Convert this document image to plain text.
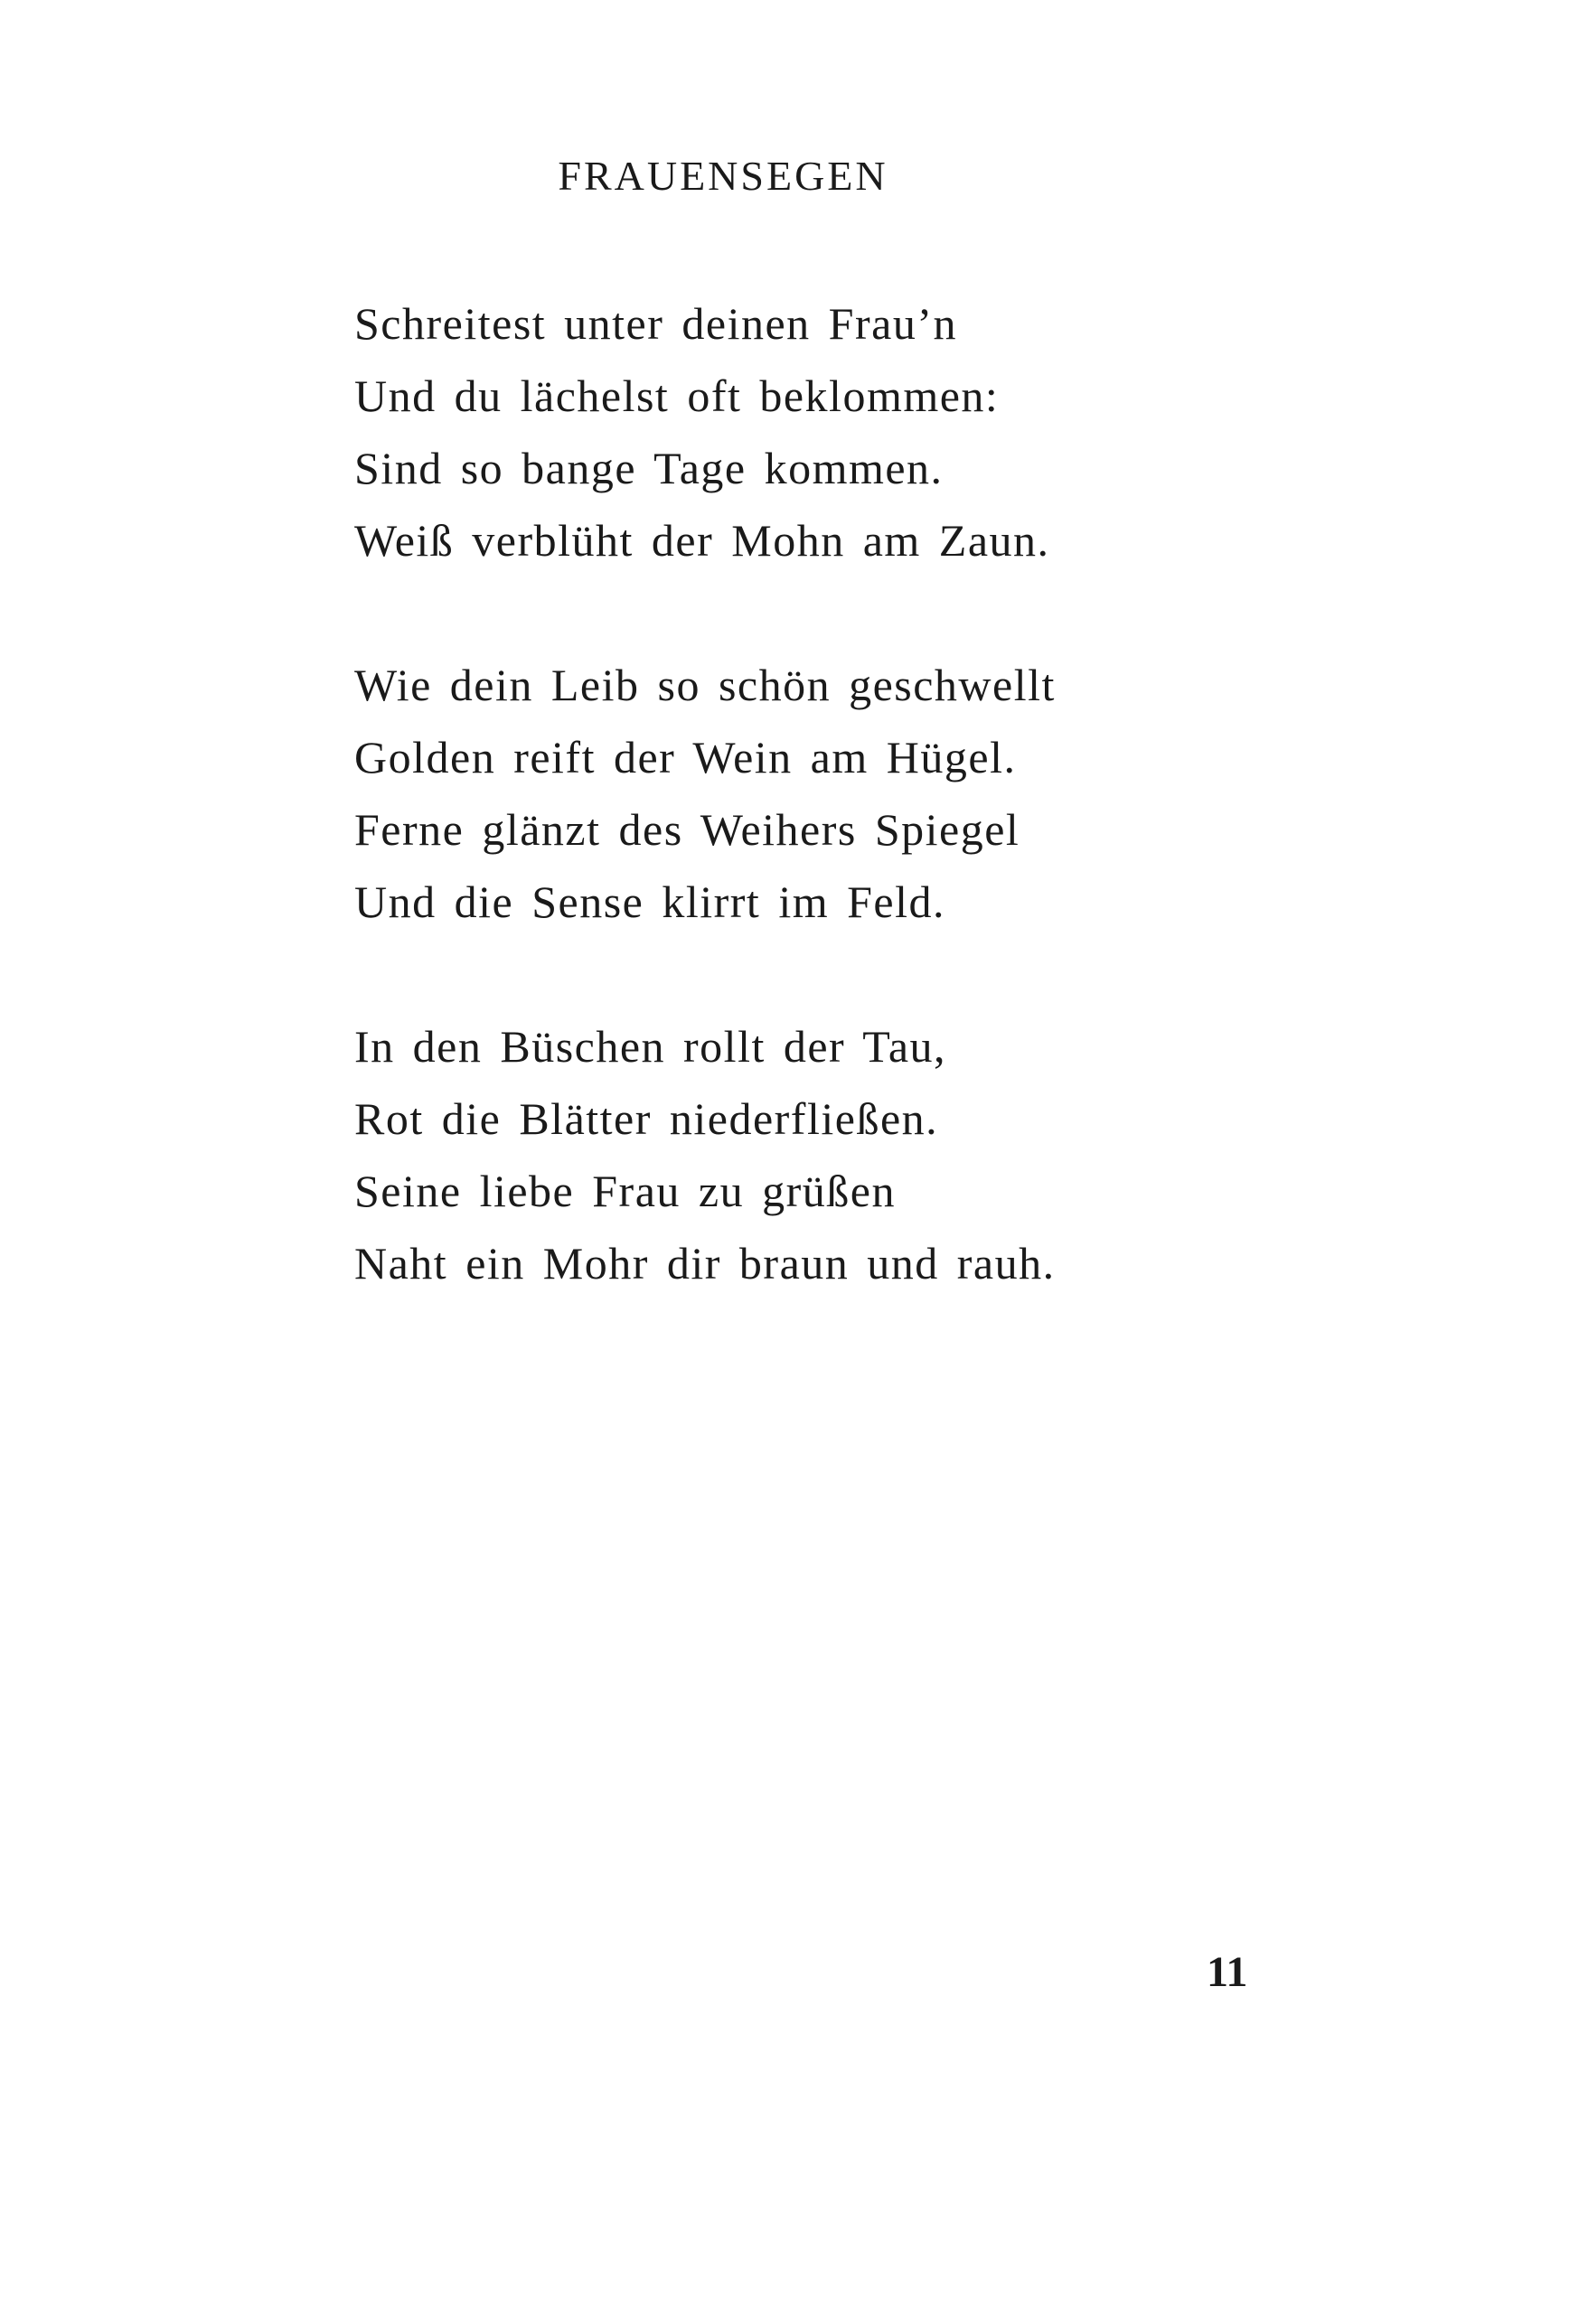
FRAUENSEGEN
Schreitest unter deinen Frau’n
Und du lächelst oft beklommen:
Sind so bange Tage kommen.
Weiß verblüht der Mohn am Zaun.
Wie dein Leib so schön geschwellt
Golden reift der Wein am Hügel.
Ferne glänzt des Weihers Spiegel
Und die Sense klirrt im Feld.
In den Büschen rollt der Tau,
Rot die Blätter niederfließen.
Seine liebe Frau zu grüßen
Naht ein Mohr dir braun und rauh.
11
